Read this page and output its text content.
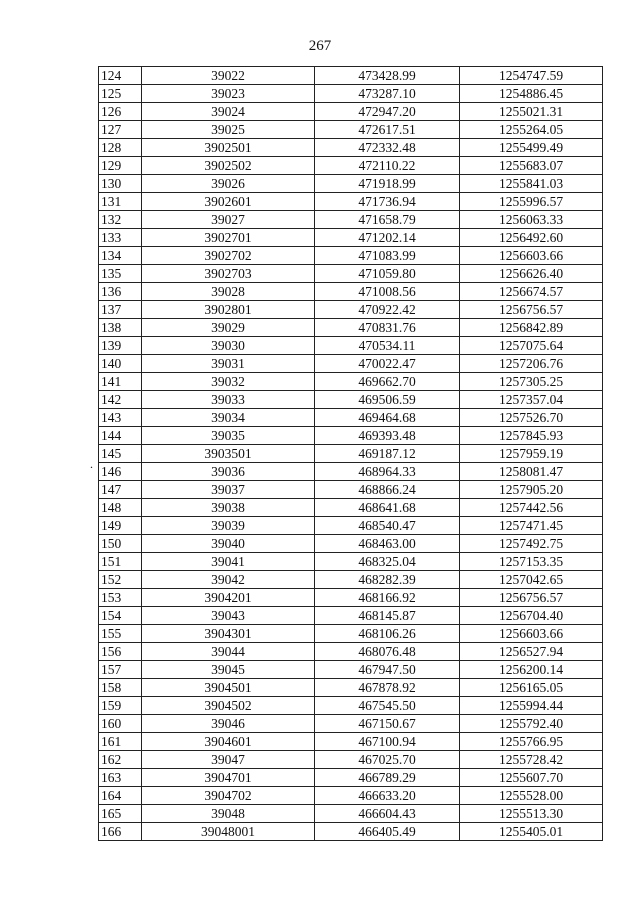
267
.
124	39022	473428.99	1254747.59
125	39023	473287.10	1254886.45
126	39024	472947.20	1255021.31
127	39025	472617.51	1255264.05
128	3902501	472332.48	1255499.49
129	3902502	472110.22	1255683.07
130	39026	471918.99	1255841.03
131	3902601	471736.94	1255996.57
132	39027	471658.79	1256063.33
133	3902701	471202.14	1256492.60
134	3902702	471083.99	1256603.66
135	3902703	471059.80	1256626.40
136	39028	471008.56	1256674.57
137	3902801	470922.42	1256756.57
138	39029	470831.76	1256842.89
139	39030	470534.11	1257075.64
140	39031	470022.47	1257206.76
141	39032	469662.70	1257305.25
142	39033	469506.59	1257357.04
143	39034	469464.68	1257526.70
144	39035	469393.48	1257845.93
145	3903501	469187.12	1257959.19
146	39036	468964.33	1258081.47
147	39037	468866.24	1257905.20
148	39038	468641.68	1257442.56
149	39039	468540.47	1257471.45
150	39040	468463.00	1257492.75
151	39041	468325.04	1257153.35
152	39042	468282.39	1257042.65
153	3904201	468166.92	1256756.57
154	39043	468145.87	1256704.40
155	3904301	468106.26	1256603.66
156	39044	468076.48	1256527.94
157	39045	467947.50	1256200.14
158	3904501	467878.92	1256165.05
159	3904502	467545.50	1255994.44
160	39046	467150.67	1255792.40
161	3904601	467100.94	1255766.95
162	39047	467025.70	1255728.42
163	3904701	466789.29	1255607.70
164	3904702	466633.20	1255528.00
165	39048	466604.43	1255513.30
166	39048001	466405.49	1255405.01
